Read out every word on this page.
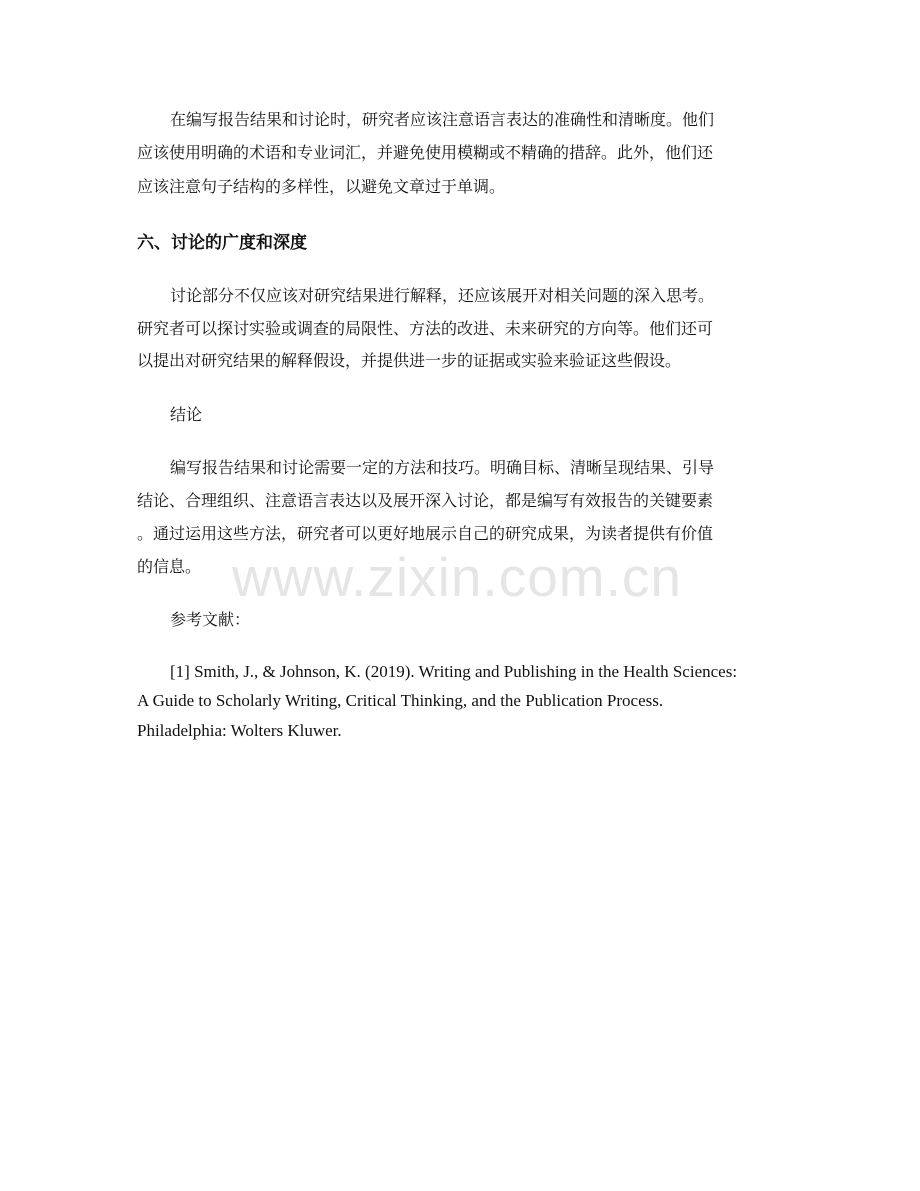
在编写报告结果和讨论时，研究者应该注意语言表达的准确性和清晰度。他们
应该使用明确的术语和专业词汇，并避免使用模糊或不精确的措辞。此外，他们还
应该注意句子结构的多样性，以避免文章过于单调。
六、讨论的广度和深度
讨论部分不仅应该对研究结果进行解释，还应该展开对相关问题的深入思考。
研究者可以探讨实验或调查的局限性、方法的改进、未来研究的方向等。他们还可
以提出对研究结果的解释假设，并提供进一步的证据或实验来验证这些假设。
结论
编写报告结果和讨论需要一定的方法和技巧。明确目标、清晰呈现结果、引导
结论、合理组织、注意语言表达以及展开深入讨论，都是编写有效报告的关键要素
。通过运用这些方法，研究者可以更好地展示自己的研究成果，为读者提供有价值
的信息。
参考文献：
[1] Smith, J., & Johnson, K. (2019). Writing and Publishing in the Health Sciences:
A Guide to Scholarly Writing, Critical Thinking, and the Publication Process.
Philadelphia: Wolters Kluwer.
www.zixin.com.cn
